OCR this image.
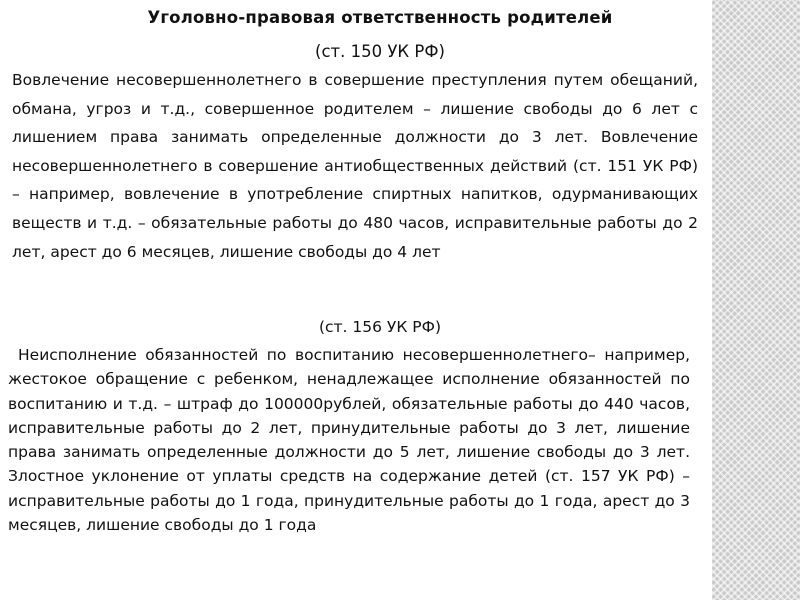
Уголовно-правовая ответственность родителей

(ст. 150 УК РФ)

Вовлечение несовершеннолетнего в совершение преступления путем обещаний, обмана, угроз и т.д., совершенное родителем – лишение свободы до 6 лет с лишением права занимать определенные должности до 3 лет. Вовлечение несовершеннолетнего в совершение антиобщественных действий (ст. 151 УК РФ) – например, вовлечение в употребление спиртных напитков, одурманивающих веществ и т.д. – обязательные работы до 480 часов, исправительные работы до 2 лет, арест до 6 месяцев, лишение свободы до 4 лет

(ст. 156 УК РФ)

Неисполнение обязанностей по воспитанию несовершеннолетнего– например, жестокое обращение с ребенком, ненадлежащее исполнение обязанностей по воспитанию и т.д. – штраф до 100000рублей, обязательные работы до 440 часов, исправительные работы до 2 лет, принудительные работы до 3 лет, лишение права занимать определенные должности до 5 лет, лишение свободы до 3 лет. Злостное уклонение от уплаты средств на содержание детей (ст. 157 УК РФ) – исправительные работы до 1 года, принудительные работы до 1 года, арест до 3 месяцев, лишение свободы до 1 года
